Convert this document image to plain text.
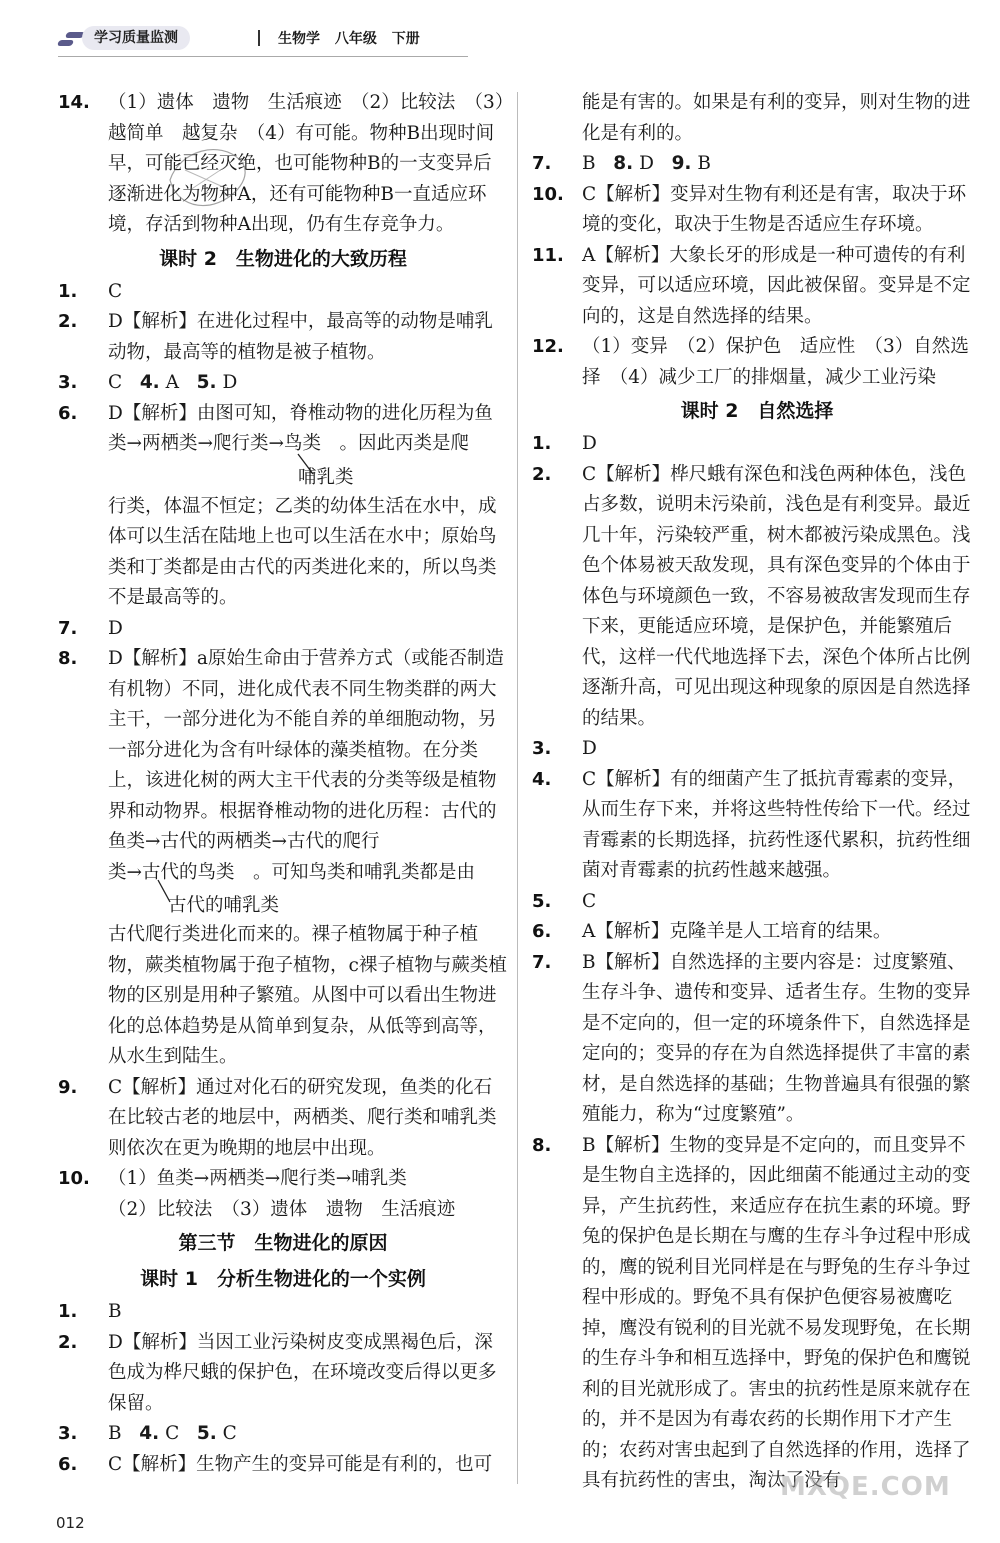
学习质量监测	生物学 八年级 下册
14. （1）遗体　遗物　生活痕迹　（2）比较法　（3）越简单　越复杂　（4）有可能。物种B出现时间早，可能已经灭绝，也可能物种B的一支变异后逐渐进化为物种A，还有可能物种B一直适应环境，存活到物种A出现，仍有生存竞争力。
课时 2　生物进化的大致历程
1. C
2. D【解析】在进化过程中，最高等的动物是哺乳动物，最高等的植物是被子植物。
3. C 4. A 5. D
6. D【解析】由图可知，脊椎动物的进化历程为鱼
类→两栖类→爬行类→鸟类　。因此丙类是爬
哺乳类
行类，体温不恒定；乙类的幼体生活在水中，成体可以生活在陆地上也可以生活在水中；原始鸟类和丁类都是由古代的丙类进化来的，所以鸟类不是最高等的。
7. D
8. D【解析】a原始生命由于营养方式（或能否制造有机物）不同，进化成代表不同生物类群的两大主干，一部分进化为不能自养的单细胞动物，另一部分进化为含有叶绿体的藻类植物。在分类上，该进化树的两大主干代表的分类等级是植物界和动物界。根据脊椎动物的进化历程：古代的鱼类→古代的两栖类→古代的爬行
类→古代的鸟类　。可知鸟类和哺乳类都是由
古代的哺乳类
古代爬行类进化而来的。裸子植物属于种子植物，蕨类植物属于孢子植物，c裸子植物与蕨类植物的区别是用种子繁殖。从图中可以看出生物进化的总体趋势是从简单到复杂，从低等到高等，从水生到陆生。
9. C【解析】通过对化石的研究发现，鱼类的化石在比较古老的地层中，两栖类、爬行类和哺乳类则依次在更为晚期的地层中出现。
10. （1）鱼类→两栖类→爬行类→哺乳类
（2）比较法　（3）遗体　遗物　生活痕迹
第三节　生物进化的原因
课时 1　分析生物进化的一个实例
1. B
2. D【解析】当因工业污染树皮变成黑褐色后，深色成为桦尺蛾的保护色，在环境改变后得以更多保留。
3. B 4. C 5. C
6. C【解析】生物产生的变异可能是有利的，也可
能是有害的。如果是有利的变异，则对生物的进化是有利的。
7. B 8. D 9. B
10. C【解析】变异对生物有利还是有害，取决于环境的变化，取决于生物是否适应生存环境。
11. A【解析】大象长牙的形成是一种可遗传的有利变异，可以适应环境，因此被保留。变异是不定向的，这是自然选择的结果。
12. （1）变异　（2）保护色　适应性　（3）自然选择　（4）减少工厂的排烟量，减少工业污染
课时 2　自然选择
1. D
2. C【解析】桦尺蛾有深色和浅色两种体色，浅色占多数，说明未污染前，浅色是有利变异。最近几十年，污染较严重，树木都被污染成黑色。浅色个体易被天敌发现，具有深色变异的个体由于体色与环境颜色一致，不容易被敌害发现而生存下来，更能适应环境，是保护色，并能繁殖后代，这样一代代地选择下去，深色个体所占比例逐渐升高，可见出现这种现象的原因是自然选择的结果。
3. D
4. C【解析】有的细菌产生了抵抗青霉素的变异，从而生存下来，并将这些特性传给下一代。经过青霉素的长期选择，抗药性逐代累积，抗药性细菌对青霉素的抗药性越来越强。
5. C
6. A【解析】克隆羊是人工培育的结果。
7. B【解析】自然选择的主要内容是：过度繁殖、生存斗争、遗传和变异、适者生存。生物的变异是不定向的，但一定的环境条件下，自然选择是定向的；变异的存在为自然选择提供了丰富的素材，是自然选择的基础；生物普遍具有很强的繁殖能力，称为“过度繁殖”。
8. B【解析】生物的变异是不定向的，而且变异不是生物自主选择的，因此细菌不能通过主动的变异，产生抗药性，来适应存在抗生素的环境。野兔的保护色是长期在与鹰的生存斗争过程中形成的，鹰的锐利目光同样是在与野兔的生存斗争过程中形成的。野兔不具有保护色便容易被鹰吃掉，鹰没有锐利的目光就不易发现野兔，在长期的生存斗争和相互选择中，野兔的保护色和鹰锐利的目光就形成了。害虫的抗药性是原来就存在的，并不是因为有毒农药的长期作用下才产生的；农药对害虫起到了自然选择的作用，选择了具有抗药性的害虫，淘汰了没有
012
MXQE.COM
